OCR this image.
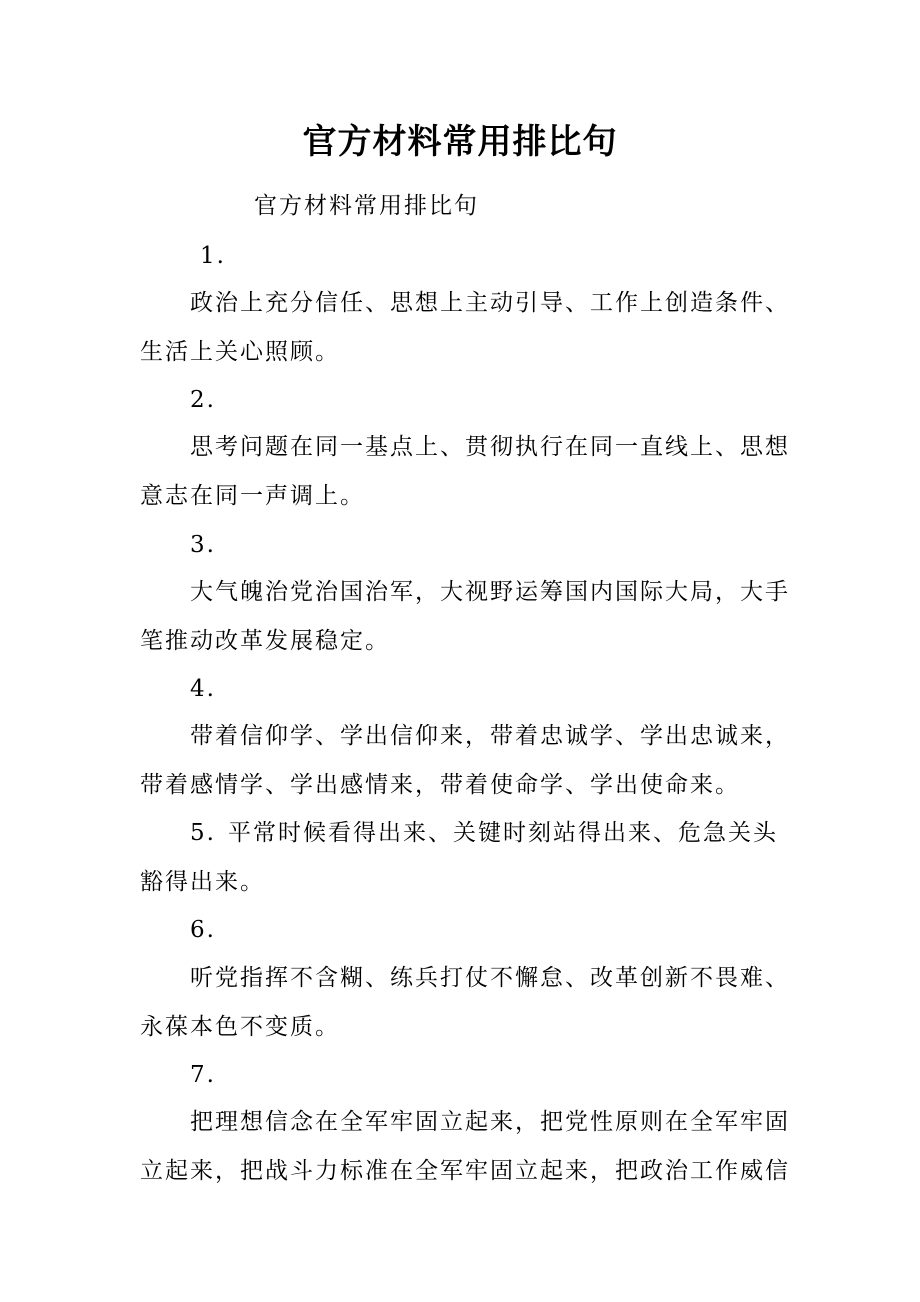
官方材料常用排比句
官方材料常用排比句
1.
政治上充分信任、思想上主动引导、工作上创造条件、
生活上关心照顾。
2.
思考问题在同一基点上、贯彻执行在同一直线上、思想
意志在同一声调上。
3.
大气魄治党治国治军，大视野运筹国内国际大局，大手
笔推动改革发展稳定。
4.
带着信仰学、学出信仰来，带着忠诚学、学出忠诚来，
带着感情学、学出感情来，带着使命学、学出使命来。
5. 平常时候看得出来、关键时刻站得出来、危急关头
豁得出来。
6.
听党指挥不含糊、练兵打仗不懈怠、改革创新不畏难、
永葆本色不变质。
7.
把理想信念在全军牢固立起来，把党性原则在全军牢固
立起来，把战斗力标准在全军牢固立起来，把政治工作威信
